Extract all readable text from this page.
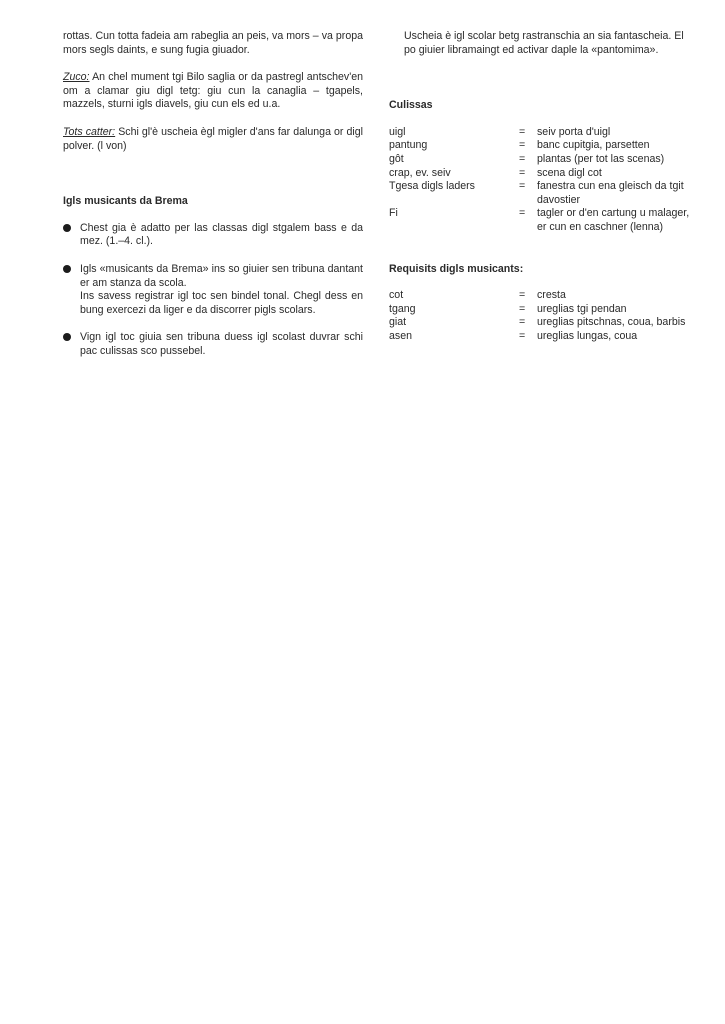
rottas. Cun totta fadeia am rabeglia an peis, va mors – va propa mors segls daints, e sung fugia giuador.

Zuco: An chel mument tgi Bilo saglia or da pastregl antschev'en om a clamar giu digl tetg: giu cun la canaglia – tgapels, mazzels, sturni igls diavels, giu cun els ed u.a.

Tots catter: Schi gl'è uscheia ègl migler d'ans far dalunga or digl polver. (l von)

Igls musicants da Brema

Chest gia è adatto per las classas digl stgalem bass e da mez. (1.–4. cl.).

Igls «musicants da Brema» ins so giuier sen tribuna dantant er am stanza da scola.

Ins savess registrar igl toc sen bindel tonal. Chegl dess en bung exercezi da liger e da discorrer pigls scolars.

Vign igl toc giuia sen tribuna duess igl scolast duvrar schi pac culissas sco pussebel.

Uscheia è igl scolar betg rastranschia an sia fantascheia. El po giuier libramaingt ed activar daple la «pantomima».

Culissas
uigl	=	seiv porta d'uigl
pantung	=	banc cupitgia, parsetten
gôt	=	plantas (per tot las scenas)
crap, ev. seiv	=	scena digl cot
Tgesa digls laders	=	fanestra cun ena gleisch da tgit davostier
Fi	=	tagler or d'en cartung u malager, er cun en caschner (lenna)
Requisits digls musicants:
cot	=	cresta
tgang	=	ureglias tgi pendan
giat	=	ureglias pitschnas, coua, barbis
asen	=	ureglias lungas, coua
